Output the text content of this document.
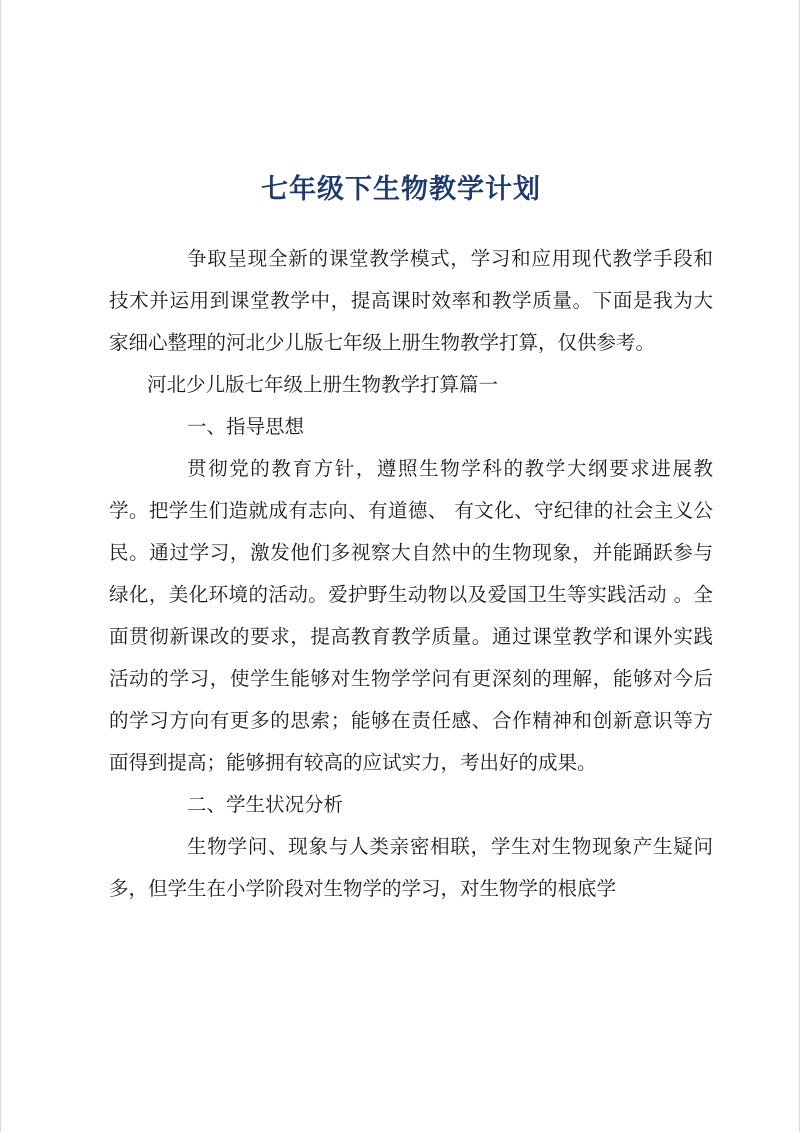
七年级下生物教学计划

争取呈现全新的课堂教学模式，学习和应用现代教学手段和技术并运用到课堂教学中，提高课时效率和教学质量。下面是我为大家细心整理的河北少儿版七年级上册生物教学打算，仅供参考。

河北少儿版七年级上册生物教学打算篇一

一、指导思想

贯彻党的教育方针，遵照生物学科的教学大纲要求进展教学。把学生们造就成有志向、有道德、 有文化、守纪律的社会主义公民。通过学习，激发他们多视察大自然中的生物现象，并能踊跃参与 绿化，美化环境的活动。爱护野生动物以及爱国卫生等实践活动 。全面贯彻新课改的要求，提高教育教学质量。通过课堂教学和课外实践活动的学习，使学生能够对生物学学问有更深刻的理解，能够对今后的学习方向有更多的思索；能够在责任感、合作精神和创新意识等方面得到提高；能够拥有较高的应试实力，考出好的成果。

二、学生状况分析

生物学问、现象与人类亲密相联，学生对生物现象产生疑问多，但学生在小学阶段对生物学的学习，对生物学的根底学
